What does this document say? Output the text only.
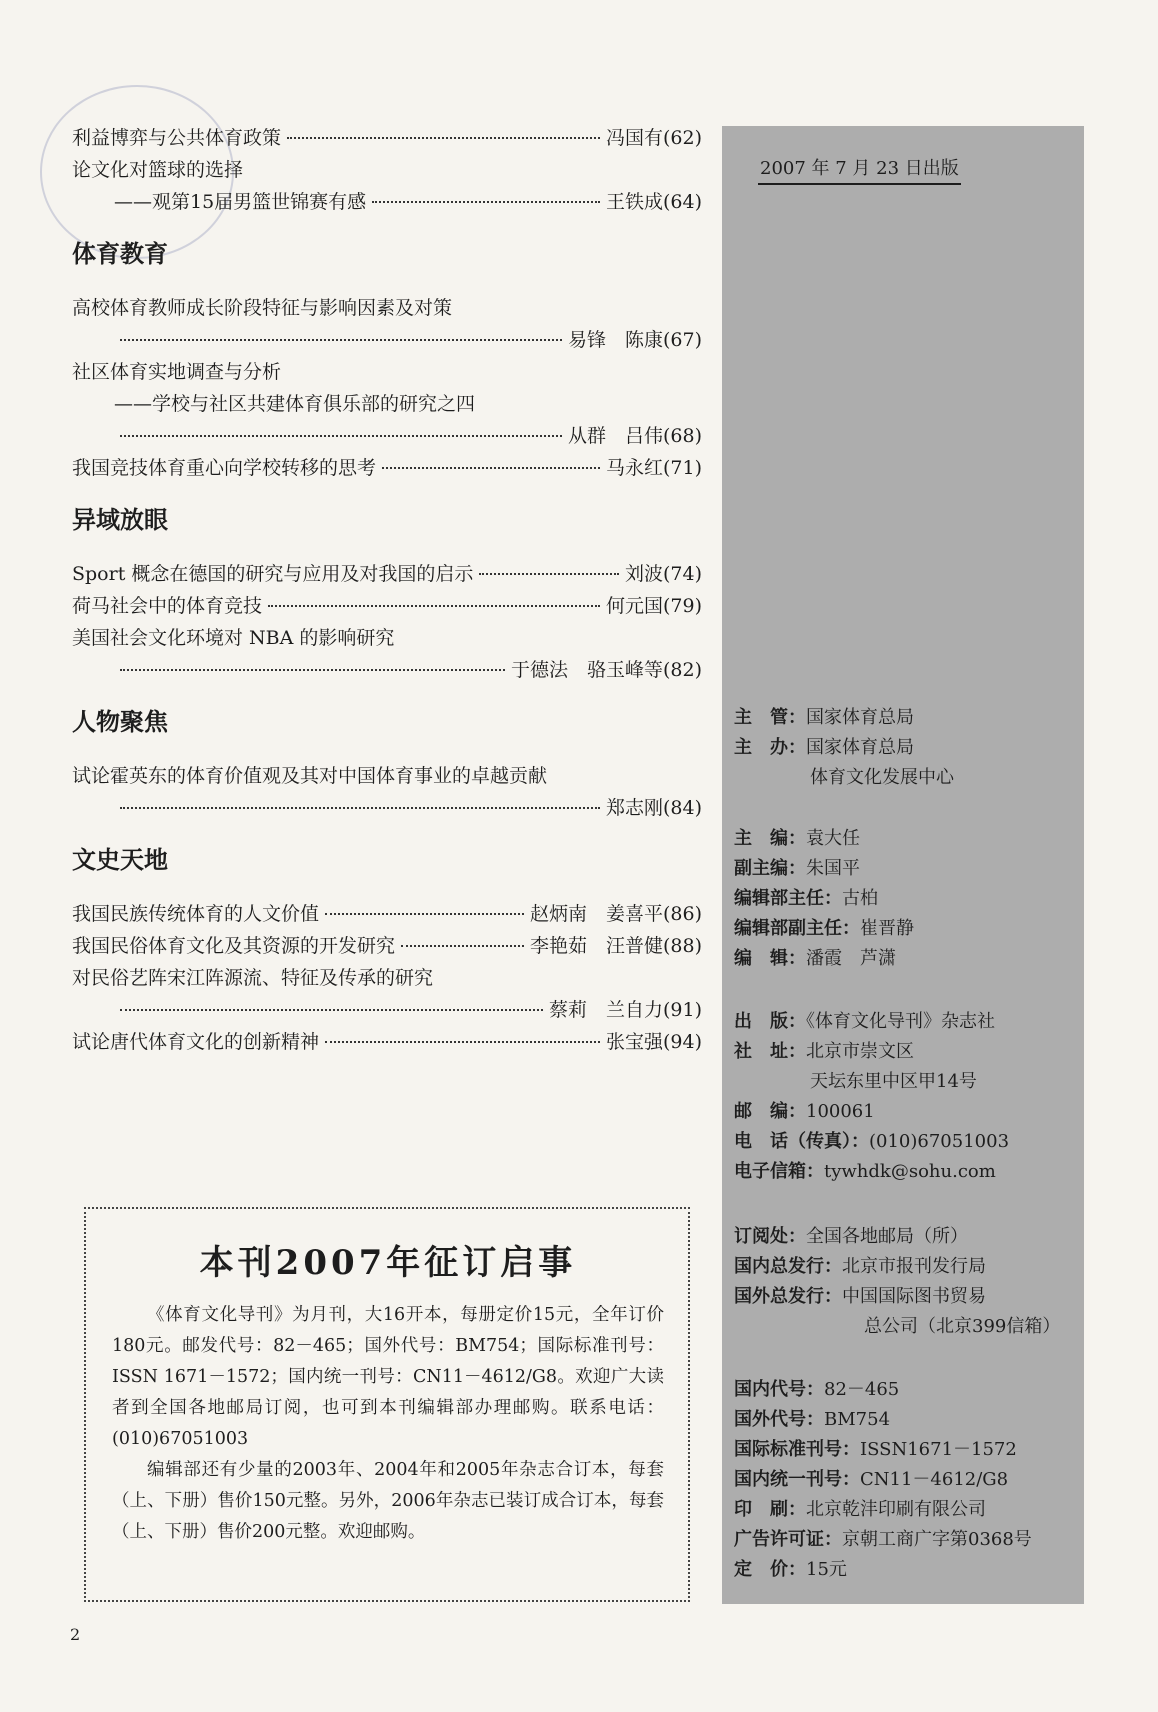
利益博弈与公共体育政策	冯国有(62)
论文化对篮球的选择
——观第15届男篮世锦赛有感	王铁成(64)
体育教育
高校体育教师成长阶段特征与影响因素及对策
易锋　陈康(67)
社区体育实地调查与分析
——学校与社区共建体育俱乐部的研究之四
从群　吕伟(68)
我国竞技体育重心向学校转移的思考	马永红(71)
异域放眼
Sport 概念在德国的研究与应用及对我国的启示	刘波(74)
荷马社会中的体育竞技	何元国(79)
美国社会文化环境对 NBA 的影响研究
于德法　骆玉峰等(82)
人物聚焦
试论霍英东的体育价值观及其对中国体育事业的卓越贡献
郑志刚(84)
文史天地
我国民族传统体育的人文价值	赵炳南　姜喜平(86)
我国民俗体育文化及其资源的开发研究	李艳茹　汪普健(88)
对民俗艺阵宋江阵源流、特征及传承的研究
蔡莉　兰自力(91)
试论唐代体育文化的创新精神	张宝强(94)
本刊2007年征订启事

《体育文化导刊》为月刊，大16开本，每册定价15元，全年订价180元。邮发代号：82－465；国外代号：BM754；国际标准刊号：ISSN 1671－1572；国内统一刊号：CN11－4612/G8。欢迎广大读者到全国各地邮局订阅，也可到本刊编辑部办理邮购。联系电话：(010)67051003

编辑部还有少量的2003年、2004年和2005年杂志合订本，每套（上、下册）售价150元整。另外，2006年杂志已装订成合订本，每套（上、下册）售价200元整。欢迎邮购。

2007 年 7 月 23 日出版
主　管：国家体育总局
主　办：国家体育总局
体育文化发展中心
主　编：袁大任
副主编：朱国平
编辑部主任：古柏
编辑部副主任：崔晋静
编　辑：潘霞　芦潇
出　版：《体育文化导刊》杂志社
社　址：北京市崇文区
天坛东里中区甲14号
邮　编：100061
电　话（传真）：(010)67051003
电子信箱：tywhdk@sohu.com
订阅处：全国各地邮局（所）
国内总发行：北京市报刊发行局
国外总发行：中国国际图书贸易
总公司（北京399信箱）
国内代号：82－465
国外代号：BM754
国际标准刊号：ISSN1671－1572
国内统一刊号：CN11－4612/G8
印　刷：北京乾沣印刷有限公司
广告许可证：京朝工商广字第0368号
定　价：15元
2
